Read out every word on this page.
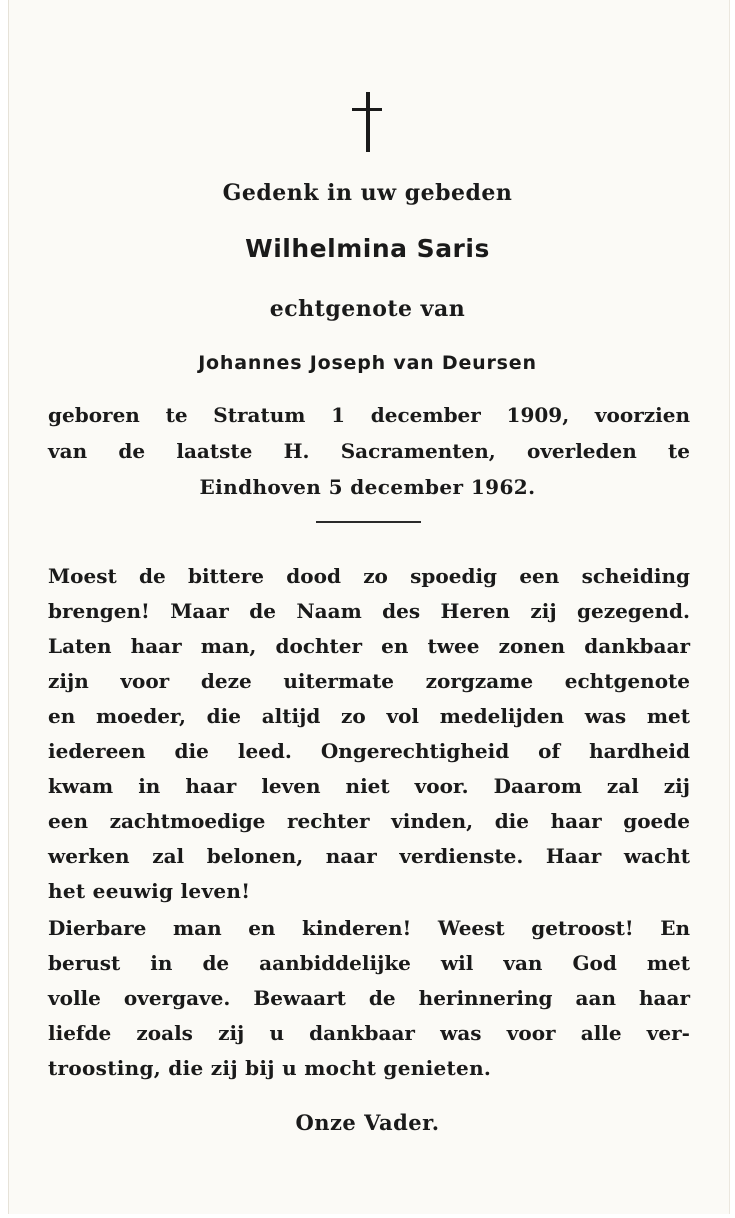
Gedenk in uw gebeden
Wilhelmina Saris
echtgenote van
Johannes Joseph van Deursen
geboren te Stratum 1 december 1909, voorzien
van de laatste H. Sacramenten, overleden te
Eindhoven 5 december 1962.
Moest de bittere dood zo spoedig een scheiding
brengen! Maar de Naam des Heren zij gezegend.
Laten haar man, dochter en twee zonen dankbaar
zijn voor deze uitermate zorgzame echtgenote
en moeder, die altijd zo vol medelijden was met
iedereen die leed. Ongerechtigheid of hardheid
kwam in haar leven niet voor. Daarom zal zij
een zachtmoedige rechter vinden, die haar goede
werken zal belonen, naar verdienste. Haar wacht
het eeuwig leven!
Dierbare man en kinderen! Weest getroost! En
berust in de aanbiddelijke wil van God met
volle overgave. Bewaart de herinnering aan haar
liefde zoals zij u dankbaar was voor alle ver-
troosting, die zij bij u mocht genieten.
Onze Vader.
